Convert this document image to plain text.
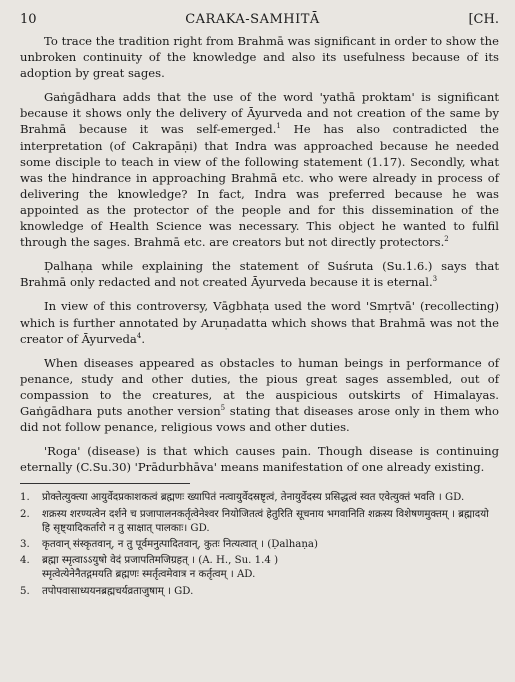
10	CARAKA-SAMHITĀ	[CH.

To trace the tradition right from Brahmā was significant in order to show the unbroken continuity of the knowledge and also its usefulness because of its adoption by great sages.

Gaṅgādhara adds that the use of the word 'yathā proktam' is significant because it shows only the delivery of Āyurveda and not creation of the same by Brahmā because it was self-emerged.$^1$ He has also contradicted the interpretation (of Cakrapāṇi) that Indra was approached because he needed some disciple to teach in view of the following statement (1.17). Secondly, what was the hindrance in approaching Brahmā etc. who were already in process of delivering the knowledge? In fact, Indra was preferred because he was appointed as the protector of the people and for this dissemination of the knowledge of Health Science was necessary. This object he wanted to fulfil through the sages. Brahmā etc. are creators but not directly protectors.$^2$

Ḍalhaṇa while explaining the statement of Suśruta (Su.1.6.) says that Brahmā only redacted and not created Āyurveda because it is eternal.$^3$

In view of this controversy, Vāgbhaṭa used the word 'Smṛtvā' (recollecting) which is further annotated by Aruṇadatta which shows that Brahmā was not the creator of Āyurveda$^4$.

When diseases appeared as obstacles to human beings in performance of penance, study and other duties, the pious great sages assembled, out of compassion to the creatures, at the auspicious outskirts of Himalayas. Gaṅgādhara puts another version$^5$ stating that diseases arose only in them who did not follow penance, religious vows and other duties.

'Roga' (disease) is that which causes pain. Though disease is continuing eternally (C.Su.30) 'Prādurbhāva' means manifestation of one already existing.

1.	प्रोक्तेत्युक्त्या आयुर्वेदप्रकाशकत्वं ब्रह्मणः ख्यापितं नत्वायुर्वेदस्रष्टृत्वं, तेनायुर्वेदस्य प्रसिद्धत्वं स्वत एवेत्युक्तं भवति । GD.
2.	शक्रस्य शरण्यत्वेन दर्शने च प्रजापालनकर्तृत्वेनेश्वर नियोजितत्वं हेतुरिति सूचनाय भगवानिति शक्रस्य विशेषणमुक्तम् । ब्रह्मादयो हि सृष्ट्यादिकर्तारो न तु साक्षात् पालकाः। GD.
3.	कृतवान् संस्कृतवान्, न तु पूर्वमनुत्पादितवान्, कुतः नित्यत्वात् । (Ḍalhaṇa)
4.	ब्रह्मा स्मृत्वाऽऽयुषो वेदं प्रजापतिमजिग्रहत् । (A. H., Su. 1.4 )
स्मृत्वेत्येनेनैतद्गमयति ब्रह्मणः स्मर्तृत्वमेवात्र न कर्तृत्वम् । AD.
5.	तपोपवासाध्ययनब्रह्मचर्यव्रताजुषाम् । GD.
